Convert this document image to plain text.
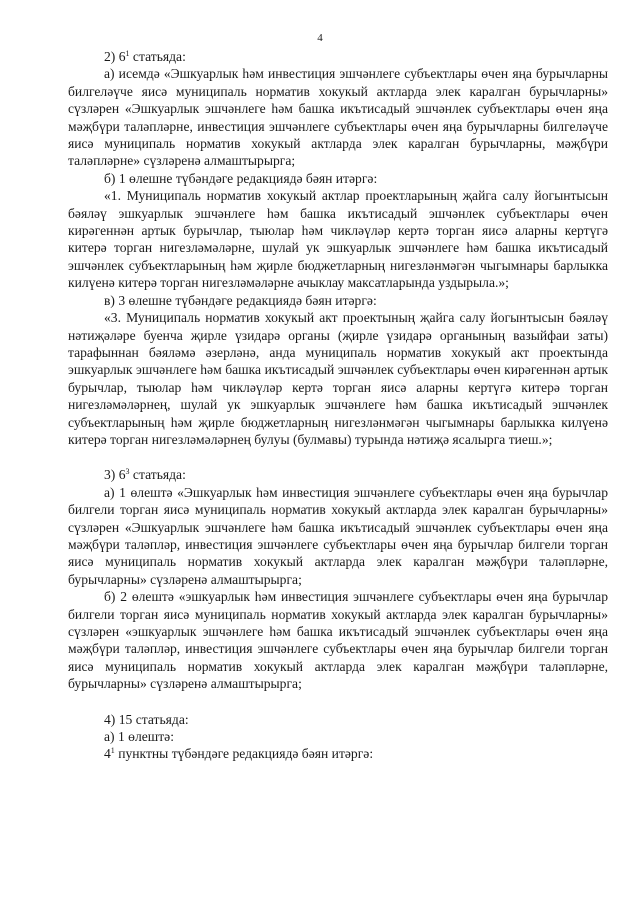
4

2) $6^1$ статьяда:

а) исемдә «Эшкуарлык һәм инвестиция эшчәнлеге субъектлары өчен яңа бурычларны билгеләүче яисә муниципаль норматив хокукый актларда элек каралган бурычларны» сүзләрен «Эшкуарлык эшчәнлеге һәм башка икътисадый эшчәнлек субъектлары өчен яңа мәҗбүри таләпләрне, инвестиция эшчәнлеге субъектлары өчен яңа бурычларны билгеләүче яисә муниципаль норматив хокукый актларда элек каралган бурычларны, мәҗбүри таләпләрне» сүзләренә алмаштырырга;

б) 1 өлешне түбәндәге редакциядә бәян итәргә:

«1. Муниципаль норматив хокукый актлар проектларының җайга салу йогынтысын бәяләү эшкуарлык эшчәнлеге һәм башка икътисадый эшчәнлек субъектлары өчен кирәгеннән артык бурычлар, тыюлар һәм чикләүләр кертә торган яисә аларны кертүгә китерә торган нигезләмәләрне, шулай ук эшкуарлык эшчәнлеге һәм башка икътисадый эшчәнлек субъектларының һәм җирле бюджетларның нигезләнмәгән чыгымнары барлыкка килүенә китерә торган нигезләмәләрне ачыклау максатларында уздырыла.»;

в) 3 өлешне түбәндәге редакциядә бәян итәргә:

«3. Муниципаль норматив хокукый акт проектының җайга салу йогынтысын бәяләү нәтиҗәләре буенча җирле үзидарә органы (җирле үзидарә органының вазыйфаи заты) тарафыннан бәяләмә әзерләнә, анда муниципаль норматив хокукый акт проектында эшкуарлык эшчәнлеге һәм башка икътисадый эшчәнлек субъектлары өчен кирәгеннән артык бурычлар, тыюлар һәм чикләүләр кертә торган яисә аларны кертүгә китерә торган нигезләмәләрнең, шулай ук эшкуарлык эшчәнлеге һәм башка икътисадый эшчәнлек субъектларының һәм җирле бюджетларның нигезләнмәгән чыгымнары барлыкка килүенә китерә торган нигезләмәләрнең булуы (булмавы) турында нәтиҗә ясалырга тиеш.»;

3) $6^3$ статьяда:

а) 1 өлештә «Эшкуарлык һәм инвестиция эшчәнлеге субъектлары өчен яңа бурычлар билгели торган яисә муниципаль норматив хокукый актларда элек каралган бурычларны» сүзләрен «Эшкуарлык эшчәнлеге һәм башка икътисадый эшчәнлек субъектлары өчен яңа мәҗбүри таләпләр, инвестиция эшчәнлеге субъектлары өчен яңа бурычлар билгели торган яисә муниципаль норматив хокукый актларда элек каралган мәҗбүри таләпләрне, бурычларны» сүзләренә алмаштырырга;

б) 2 өлештә «эшкуарлык һәм инвестиция эшчәнлеге субъектлары өчен яңа бурычлар билгели торган яисә муниципаль норматив хокукый актларда элек каралган бурычларны» сүзләрен «эшкуарлык эшчәнлеге һәм башка икътисадый эшчәнлек субъектлары өчен яңа мәҗбүри таләпләр, инвестиция эшчәнлеге субъектлары өчен яңа бурычлар билгели торган яисә муниципаль норматив хокукый актларда элек каралган мәҗбүри таләпләрне, бурычларны» сүзләренә алмаштырырга;

4) 15 статьяда:

а) 1 өлештә:

$4^1$ пунктны түбәндәге редакциядә бәян итәргә:
